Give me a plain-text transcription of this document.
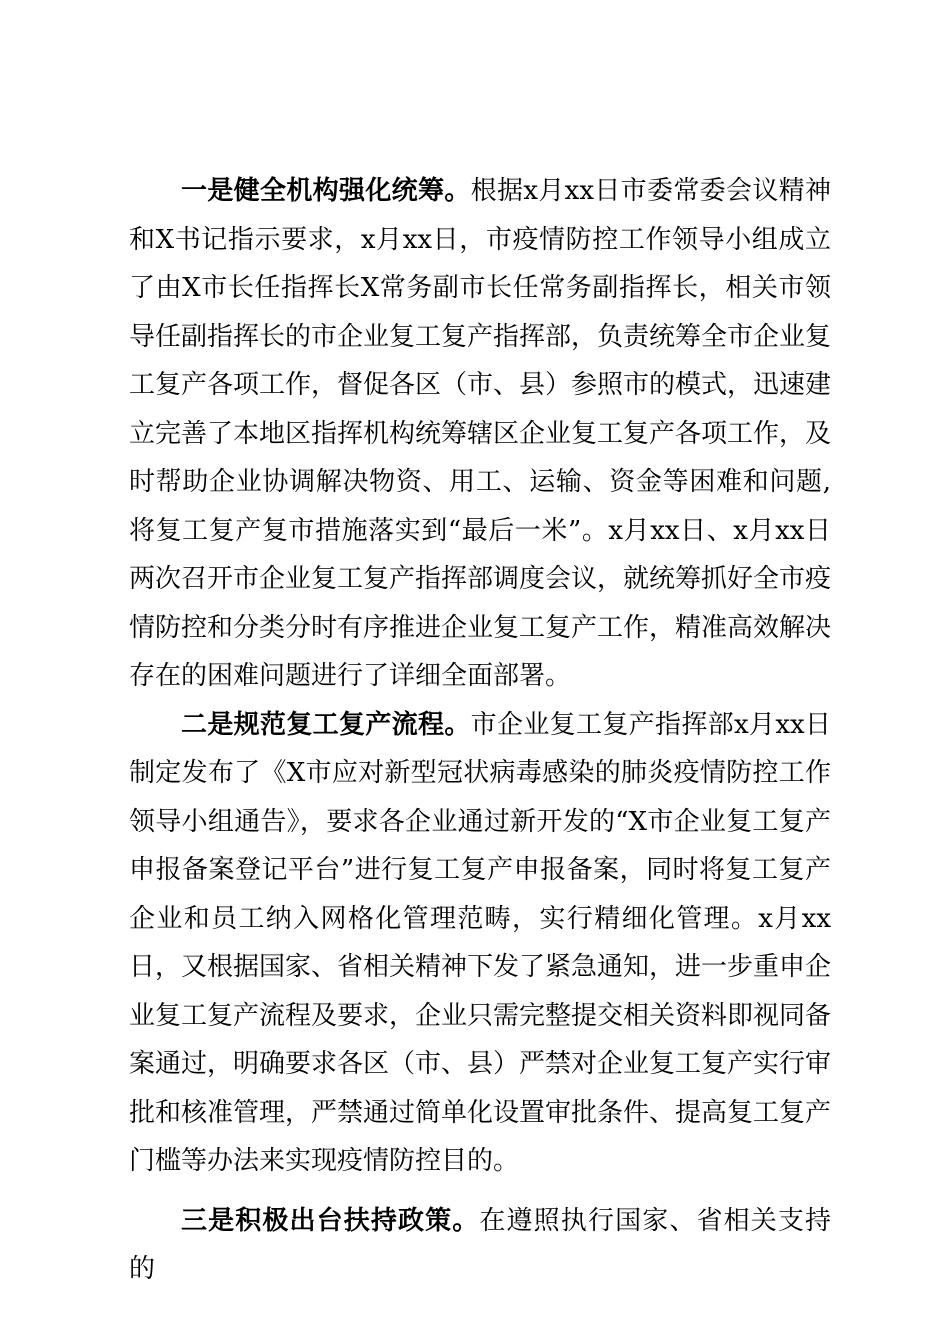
一是健全机构强化统筹。根据x月xx日市委常委会议精神和X书记指示要求，x月xx日，市疫情防控工作领导小组成立了由X市长任指挥长X常务副市长任常务副指挥长，相关市领导任副指挥长的市企业复工复产指挥部，负责统筹全市企业复工复产各项工作，督促各区（市、县）参照市的模式，迅速建立完善了本地区指挥机构统筹辖区企业复工复产各项工作，及时帮助企业协调解决物资、用工、运输、资金等困难和问题,将复工复产复市措施落实到“最后一米”。x月xx日、x月xx日两次召开市企业复工复产指挥部调度会议，就统筹抓好全市疫情防控和分类分时有序推进企业复工复产工作，精准高效解决存在的困难问题进行了详细全面部署。

二是规范复工复产流程。市企业复工复产指挥部x月xx日制定发布了《X市应对新型冠状病毒感染的肺炎疫情防控工作领导小组通告》，要求各企业通过新开发的“X市企业复工复产申报备案登记平台”进行复工复产申报备案，同时将复工复产企业和员工纳入网格化管理范畴，实行精细化管理。x月xx日，又根据国家、省相关精神下发了紧急通知，进一步重申企业复工复产流程及要求，企业只需完整提交相关资料即视同备案通过，明确要求各区（市、县）严禁对企业复工复产实行审批和核准管理，严禁通过简单化设置审批条件、提高复工复产门槛等办法来实现疫情防控目的。

三是积极出台扶持政策。在遵照执行国家、省相关支持的
